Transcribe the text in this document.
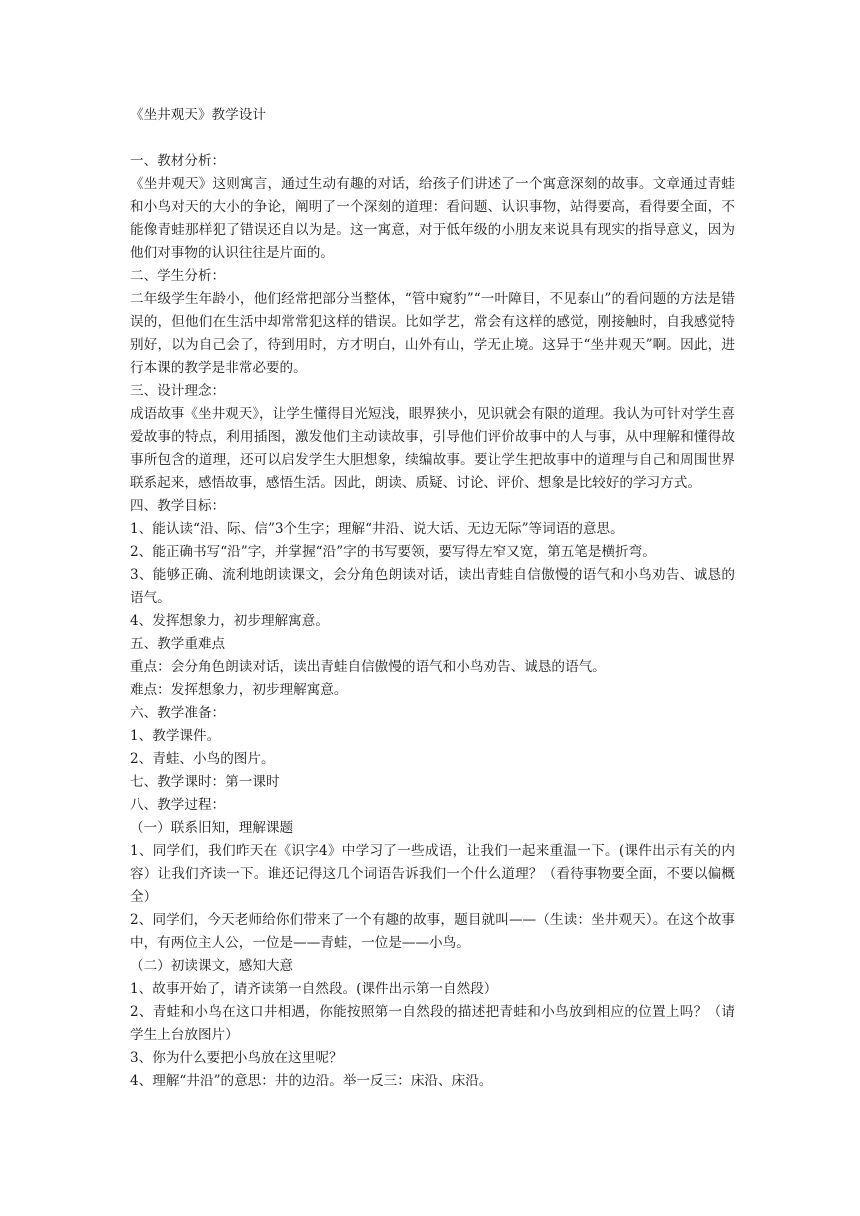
《坐井观天》教学设计

一、教材分析：

《坐井观天》这则寓言，通过生动有趣的对话，给孩子们讲述了一个寓意深刻的故事。文章通过青蛙和小鸟对天的大小的争论，阐明了一个深刻的道理：看问题、认识事物，站得要高，看得要全面，不能像青蛙那样犯了错误还自以为是。这一寓意，对于低年级的小朋友来说具有现实的指导意义，因为他们对事物的认识往往是片面的。

二、学生分析：

二年级学生年龄小，他们经常把部分当整体，“管中窥豹”“一叶障目，不见泰山”的看问题的方法是错误的，但他们在生活中却常常犯这样的错误。比如学艺，常会有这样的感觉，刚接触时，自我感觉特别好，以为自己会了，待到用时，方才明白，山外有山，学无止境。这异于“坐井观天”啊。因此，进行本课的教学是非常必要的。

三、设计理念：

成语故事《坐井观天》，让学生懂得目光短浅，眼界狭小，见识就会有限的道理。我认为可针对学生喜爱故事的特点，利用插图，激发他们主动读故事，引导他们评价故事中的人与事，从中理解和懂得故事所包含的道理，还可以启发学生大胆想象，续编故事。要让学生把故事中的道理与自己和周围世界联系起来，感悟故事，感悟生活。因此，朗读、质疑、讨论、评价、想象是比较好的学习方式。

四、教学目标：

1、能认读“沿、际、信”3个生字；理解“井沿、说大话、无边无际”等词语的意思。

2、能正确书写“沿”字，并掌握“沿”字的书写要领，要写得左窄又宽，第五笔是横折弯。

3、能够正确、流利地朗读课文，会分角色朗读对话，读出青蛙自信傲慢的语气和小鸟劝告、诚恳的语气。

4、发挥想象力，初步理解寓意。

五、教学重难点

重点：会分角色朗读对话，读出青蛙自信傲慢的语气和小鸟劝告、诚恳的语气。

难点：发挥想象力，初步理解寓意。

六、教学准备：

1、教学课件。

2、青蛙、小鸟的图片。

七、教学课时：第一课时

八、教学过程：

（一）联系旧知，理解课题

1、同学们，我们昨天在《识字4》中学习了一些成语，让我们一起来重温一下。(课件出示有关的内容）让我们齐读一下。谁还记得这几个词语告诉我们一个什么道理？（看待事物要全面，不要以偏概全）

2、同学们，今天老师给你们带来了一个有趣的故事，题目就叫——（生读：坐井观天）。在这个故事中，有两位主人公，一位是——青蛙，一位是——小鸟。

（二）初读课文，感知大意

1、故事开始了，请齐读第一自然段。(课件出示第一自然段）

2、青蛙和小鸟在这口井相遇，你能按照第一自然段的描述把青蛙和小鸟放到相应的位置上吗？（请学生上台放图片）

3、你为什么要把小鸟放在这里呢？

4、理解“井沿”的意思：井的边沿。举一反三：床沿、床沿。
